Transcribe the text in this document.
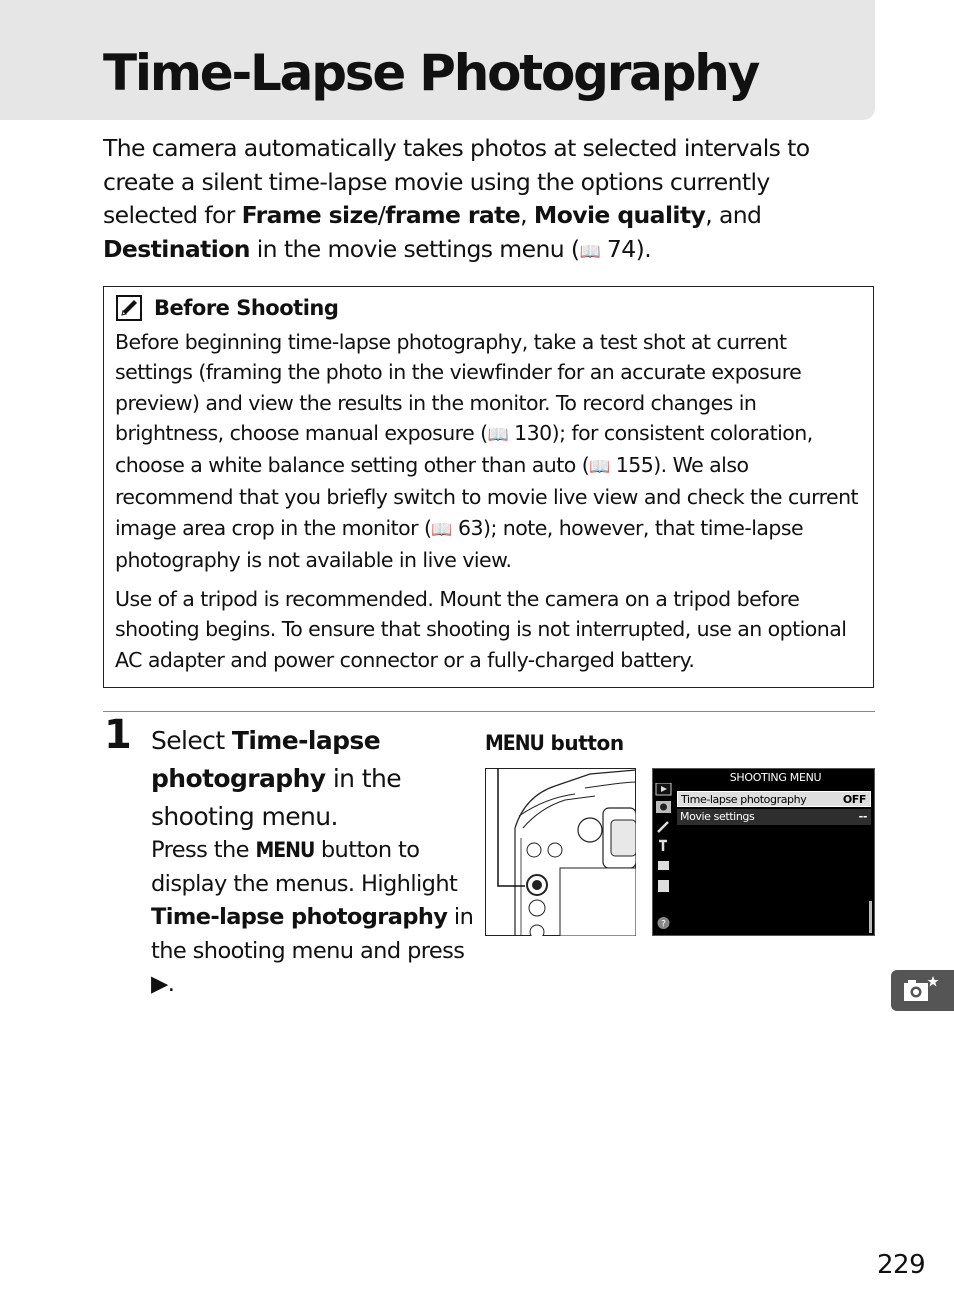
Time-Lapse Photography
The camera automatically takes photos at selected intervals to create a silent time-lapse movie using the options currently selected for Frame size/frame rate, Movie quality, and Destination in the movie settings menu (📖 74).
Before Shooting
Before beginning time-lapse photography, take a test shot at current settings (framing the photo in the viewfinder for an accurate exposure preview) and view the results in the monitor. To record changes in brightness, choose manual exposure (📖 130); for consistent coloration, choose a white balance setting other than auto (📖 155). We also recommend that you briefly switch to movie live view and check the current image area crop in the monitor (📖 63); note, however, that time-lapse photography is not available in live view.
Use of a tripod is recommended. Mount the camera on a tripod before shooting begins. To ensure that shooting is not interrupted, use an optional AC adapter and power connector or a fully-charged battery.
1 Select Time-lapse photography in the shooting menu.
Press the MENU button to display the menus. Highlight Time-lapse photography in the shooting menu and press ▶.
MENU button
SHOOTING MENU
?
Time-lapse photography	OFF
Movie settings	--
229
